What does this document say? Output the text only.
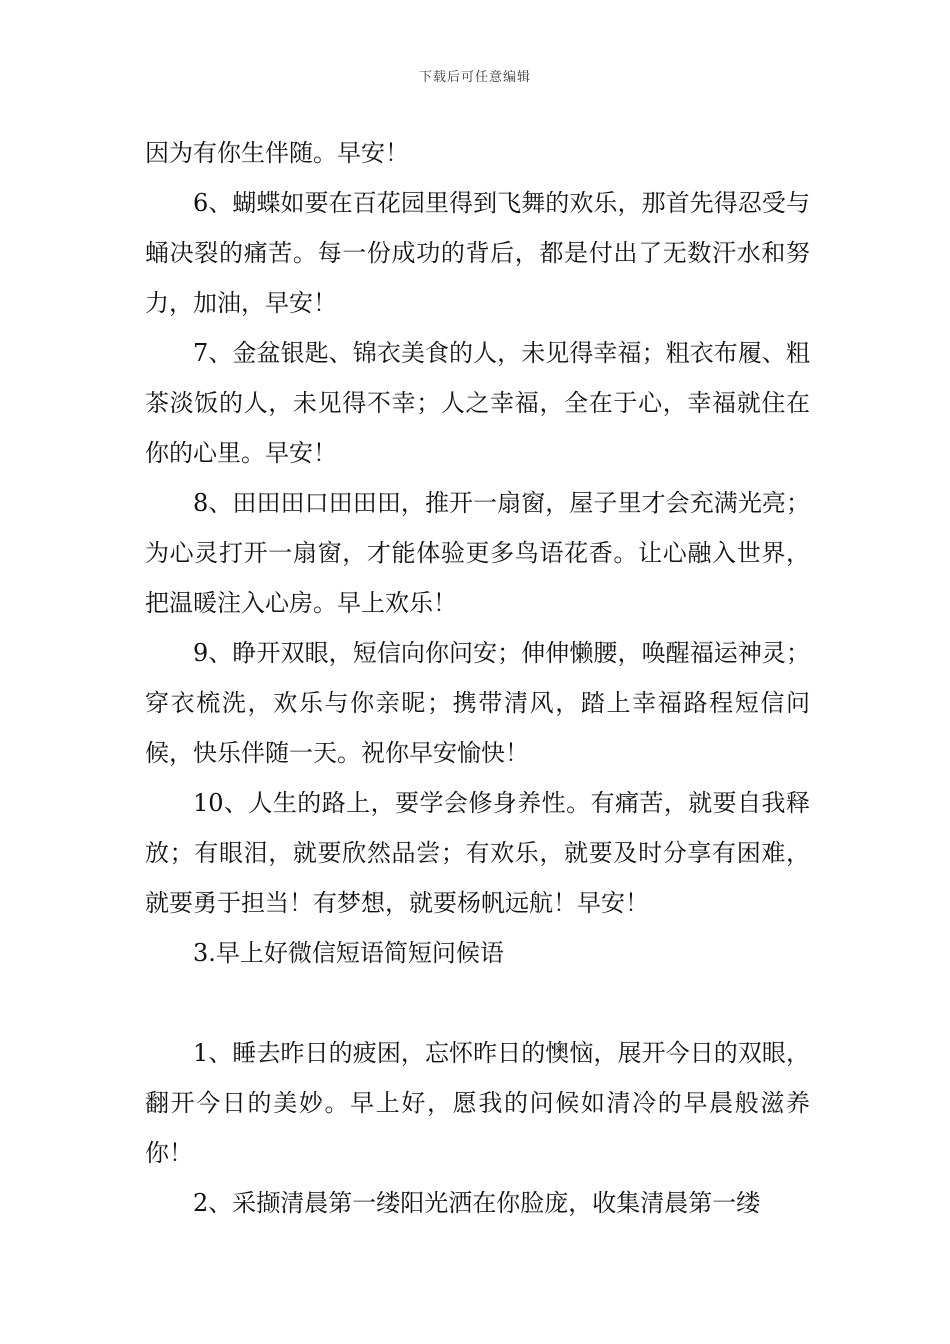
下载后可任意编辑

因为有你生伴随。早安！

6、蝴蝶如要在百花园里得到飞舞的欢乐，那首先得忍受与蛹决裂的痛苦。每一份成功的背后，都是付出了无数汗水和努力，加油，早安！

7、金盆银匙、锦衣美食的人，未见得幸福；粗衣布履、粗茶淡饭的人，未见得不幸；人之幸福，全在于心，幸福就住在你的心里。早安！

8、田田田口田田田，推开一扇窗，屋子里才会充满光亮；为心灵打开一扇窗，才能体验更多鸟语花香。让心融入世界，把温暖注入心房。早上欢乐！

9、睁开双眼，短信向你问安；伸伸懒腰，唤醒福运神灵；穿衣梳洗，欢乐与你亲昵；携带清风，踏上幸福路程短信问候，快乐伴随一天。祝你早安愉快！

10、人生的路上，要学会修身养性。有痛苦，就要自我释放；有眼泪，就要欣然品尝；有欢乐，就要及时分享有困难，就要勇于担当！有梦想，就要杨帆远航！早安！

3.早上好微信短语简短问候语

1、睡去昨日的疲困，忘怀昨日的懊恼，展开今日的双眼，翻开今日的美妙。早上好，愿我的问候如清冷的早晨般滋养你！

2、采撷清晨第一缕阳光洒在你脸庞，收集清晨第一缕
